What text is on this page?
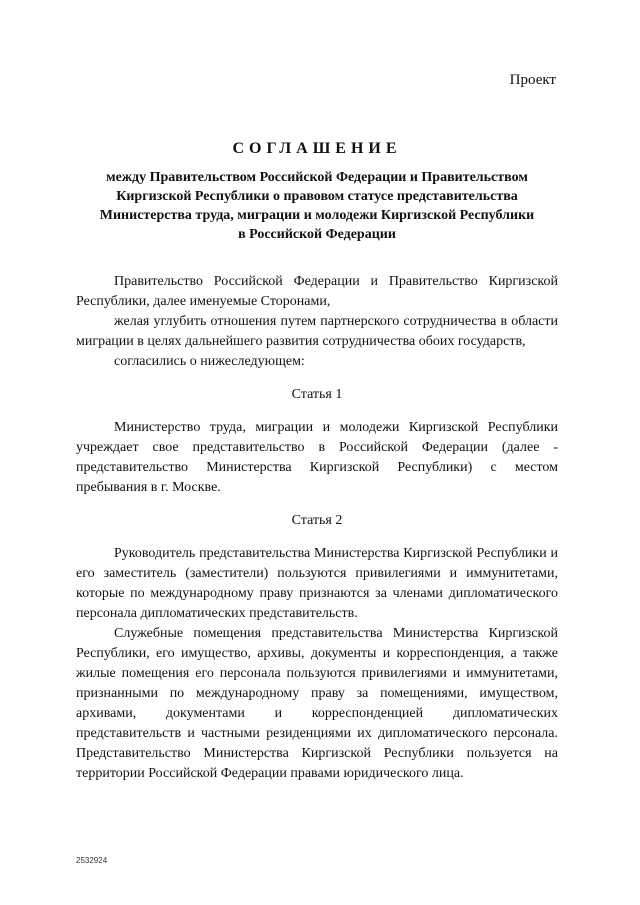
Проект
СОГЛАШЕНИЕ
между Правительством Российской Федерации и Правительством
Киргизской Республики о правовом статусе представительства
Министерства труда, миграции и молодежи Киргизской Республики
в Российской Федерации

Правительство Российской Федерации и Правительство Киргизской Республики, далее именуемые Сторонами,

желая углубить отношения путем партнерского сотрудничества в области миграции в целях дальнейшего развития сотрудничества обоих государств,

согласились о нижеследующем:

Статья 1

Министерство труда, миграции и молодежи Киргизской Республики учреждает свое представительство в Российской Федерации (далее - представительство Министерства Киргизской Республики) с местом пребывания в г. Москве.

Статья 2

Руководитель представительства Министерства Киргизской Республики и его заместитель (заместители) пользуются привилегиями и иммунитетами, которые по международному праву признаются за членами дипломатического персонала дипломатических представительств.

Служебные помещения представительства Министерства Киргизской Республики, его имущество, архивы, документы и корреспонденция, а также жилые помещения его персонала пользуются привилегиями и иммунитетами, признанными по международному праву за помещениями, имуществом, архивами, документами и корреспонденцией дипломатических представительств и частными резиденциями их дипломатического персонала. Представительство Министерства Киргизской Республики пользуется на территории Российской Федерации правами юридического лица.

2532924
